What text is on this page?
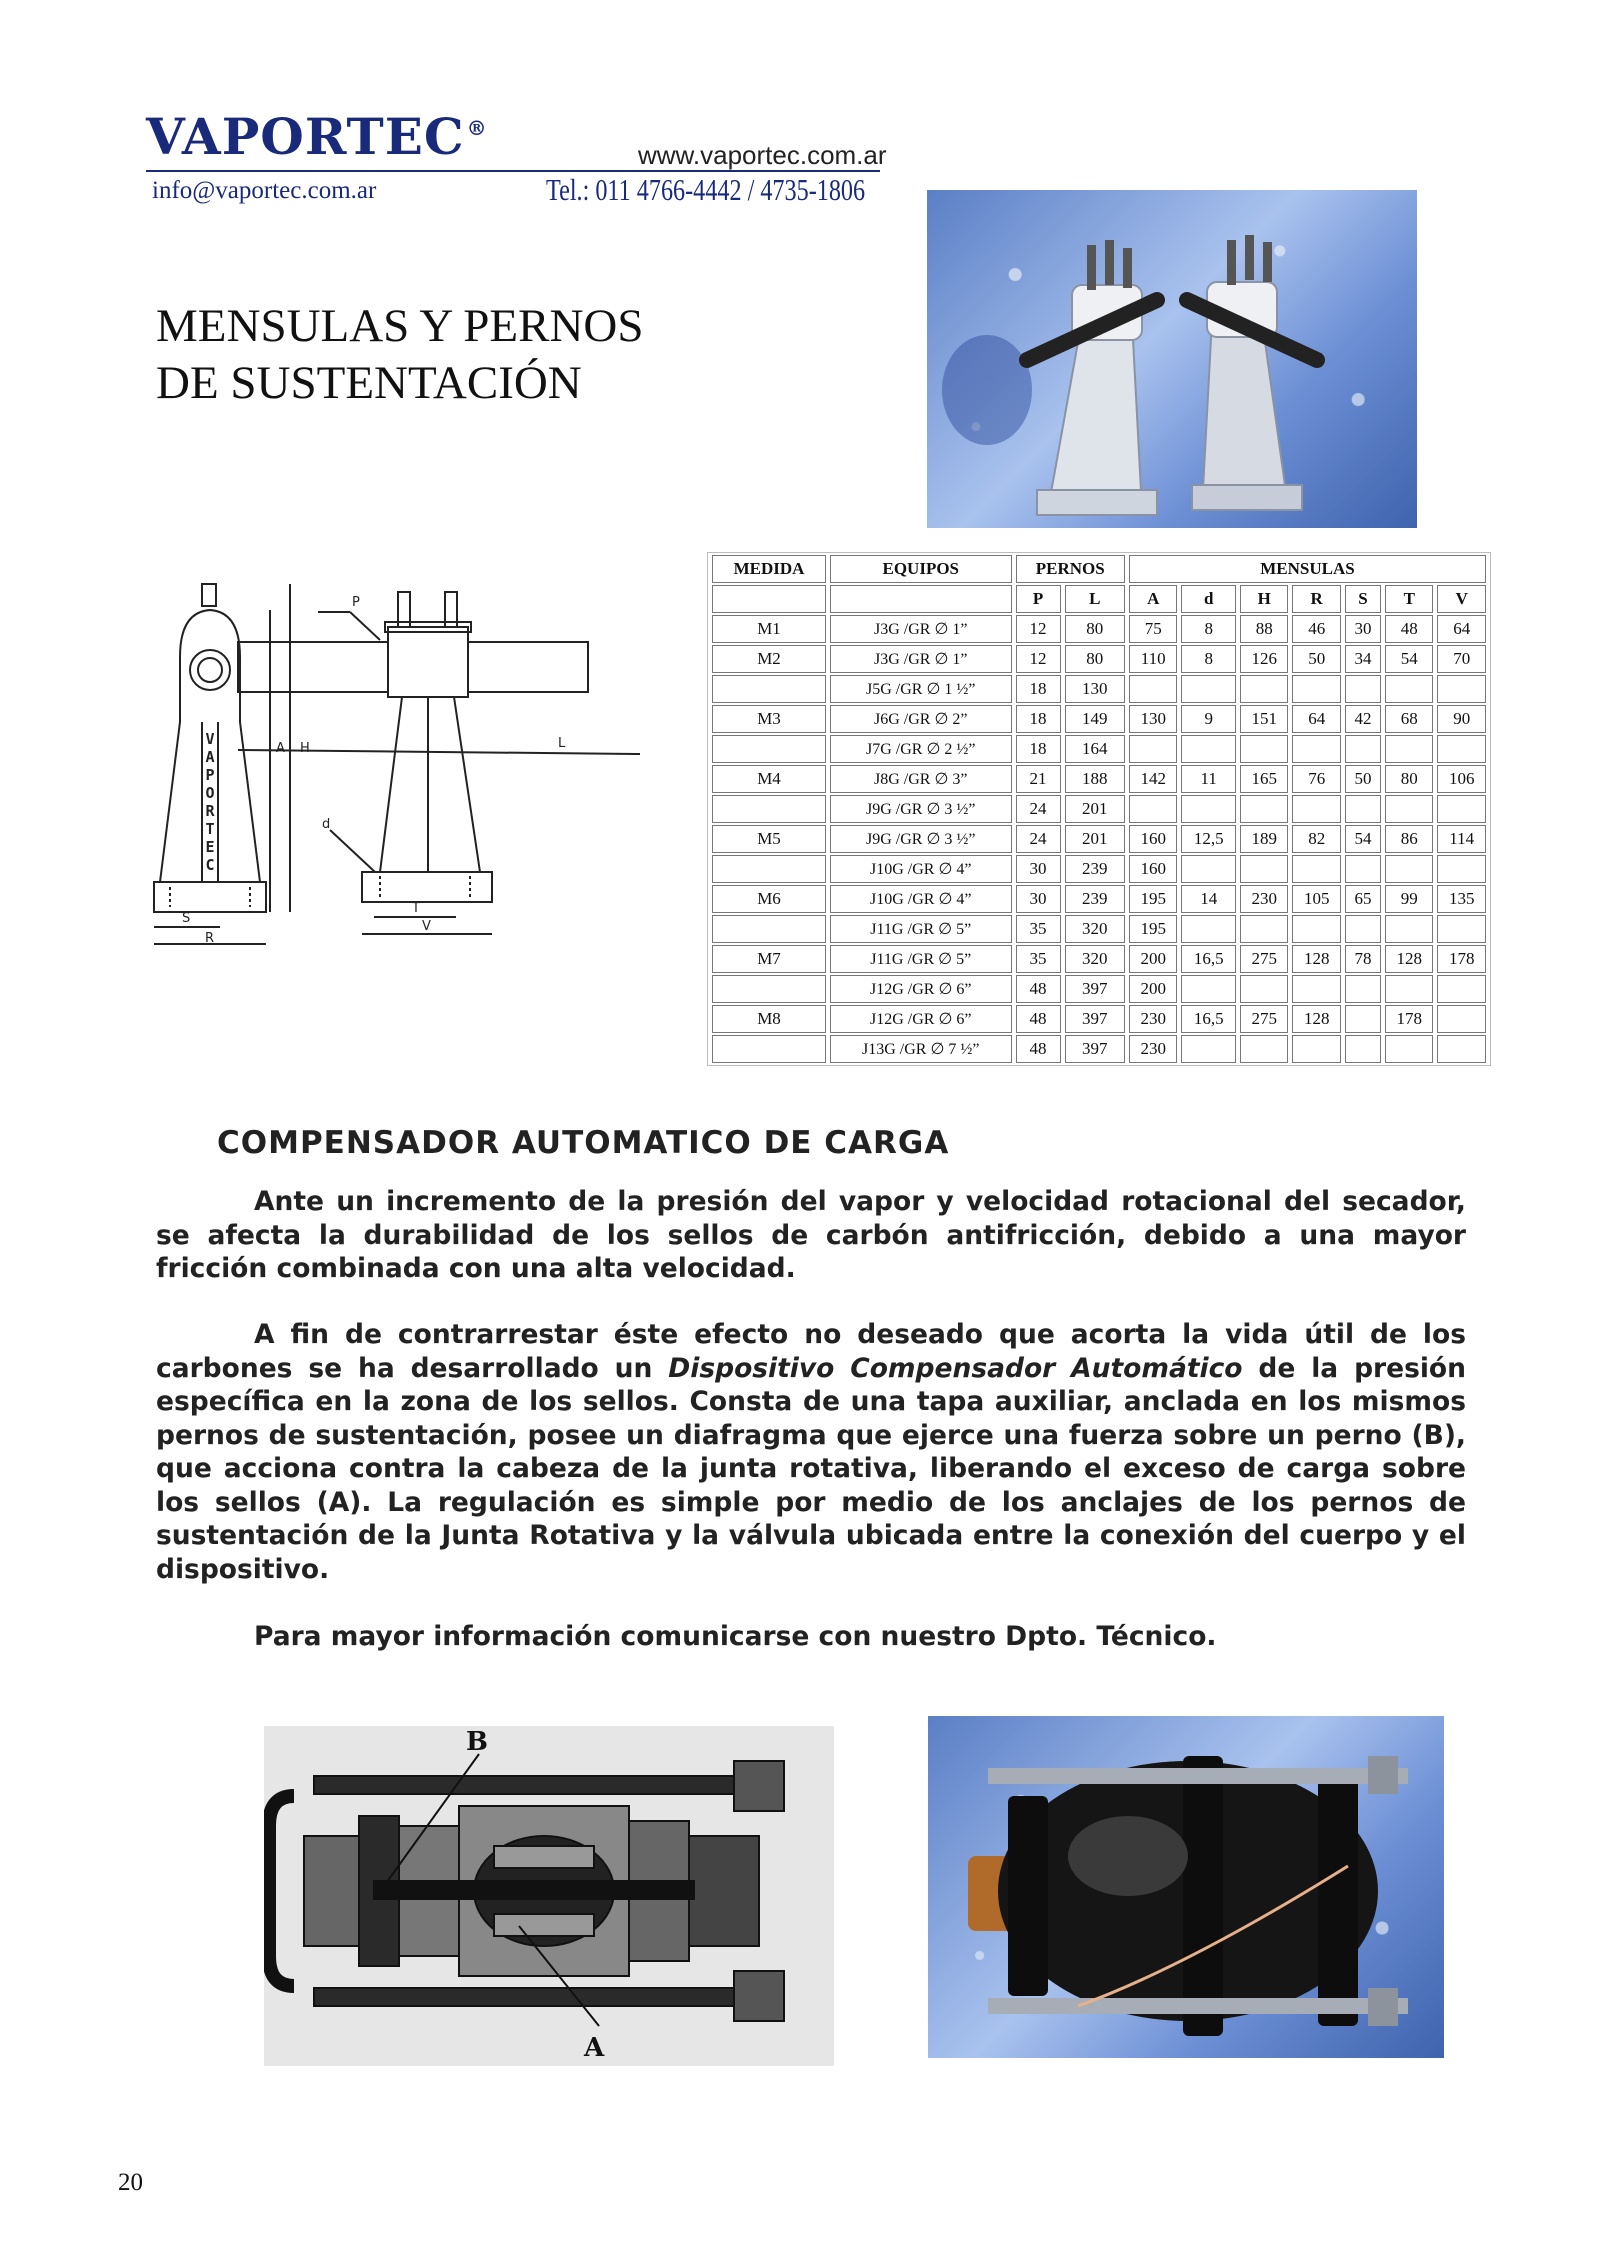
VAPORTEC ®
www.vaportec.com.ar
info@vaportec.com.ar	Tel.: 011 4766-4442 / 4735-1806
MENSULAS Y PERNOS
DE SUSTENTACIÓN
V
A
P
O
R
T
E
C
A H
P
L
d
S
R
T
V
MEDIDA	EQUIPOS	PERNOS		MENSULAS						
		P	L	A	d	H	R	S	T	V
M1	J3G /GR ∅ 1”	12	80	75	8	88	46	30	48	64
M2	J3G /GR ∅ 1”	12	80	110	8	126	50	34	54	70
	J5G /GR ∅ 1 ½”	18	130							
M3	J6G /GR ∅ 2”	18	149	130	9	151	64	42	68	90
	J7G /GR ∅ 2 ½”	18	164							
M4	J8G /GR ∅ 3”	21	188	142	11	165	76	50	80	106
	J9G /GR ∅ 3 ½”	24	201							
M5	J9G /GR ∅ 3 ½”	24	201	160	12,5	189	82	54	86	114
	J10G /GR ∅ 4”	30	239	160						
M6	J10G /GR ∅ 4”	30	239	195	14	230	105	65	99	135
	J11G /GR ∅ 5”	35	320	195						
M7	J11G /GR ∅ 5”	35	320	200	16,5	275	128	78	128	178
	J12G /GR ∅ 6”	48	397	200						
M8	J12G /GR ∅ 6”	48	397	230	16,5	275	128		178	
	J13G /GR ∅ 7 ½”	48	397	230						
COMPENSADOR AUTOMATICO DE CARGA

Ante un incremento de la presión del vapor y velocidad rotacional del secador, se afecta la durabilidad de los sellos de carbón antifricción, debido a una mayor fricción combinada con una alta velocidad.

A fin de contrarrestar éste efecto no deseado que acorta la vida útil de los carbones se ha desarrollado un Dispositivo Compensador Automático de la presión específica en la zona de los sellos. Consta de una tapa auxiliar, anclada en los mismos pernos de sustentación, posee un diafragma que ejerce una fuerza sobre un perno (B), que acciona contra la cabeza de la junta rotativa, liberando el exceso de carga sobre los sellos (A). La regulación es simple por medio de los anclajes de los pernos de sustentación de la Junta Rotativa y la válvula ubicada entre la conexión del cuerpo y el dispositivo.

Para mayor información comunicarse con nuestro Dpto. Técnico.

B
A
20
